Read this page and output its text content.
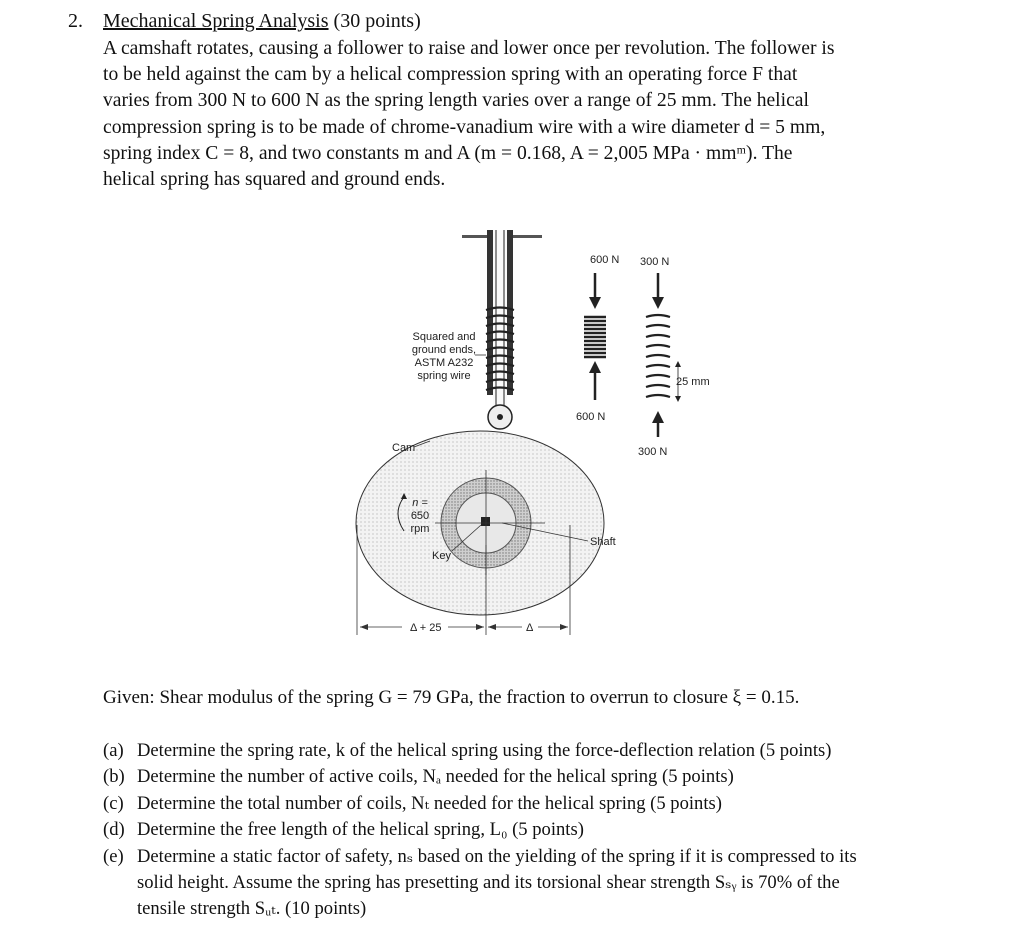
2. Mechanical Spring Analysis (30 points)
A camshaft rotates, causing a follower to raise and lower once per revolution. The follower is
to be held against the cam by a helical compression spring with an operating force F that
varies from 300 N to 600 N as the spring length varies over a range of 25 mm. The helical
compression spring is to be made of chrome-vanadium wire with a wire diameter d = 5 mm,
spring index C = 8, and two constants m and A (m = 0.168, A = 2,005 MPa · mmᵐ). The
helical spring has squared and ground ends.
Squared and
ground ends,
ASTM A232
spring wire
600 N
600 N
300 N
25 mm
300 N
Cam
n =
650
rpm
Key
Shaft
Δ + 25	Δ
Given: Shear modulus of the spring G = 79 GPa, the fraction to overrun to closure ξ = 0.15.
(a) Determine the spring rate, k of the helical spring using the force-deflection relation (5 points)
(b) Determine the number of active coils, Nₐ needed for the helical spring (5 points)
(c) Determine the total number of coils, Nₜ needed for the helical spring (5 points)
(d) Determine the free length of the helical spring, L₀ (5 points)
(e) Determine a static factor of safety, nₛ based on the yielding of the spring if it is compressed to its
solid height. Assume the spring has presetting and its torsional shear strength Sₛᵧ is 70% of the
tensile strength Sᵤₜ. (10 points)
